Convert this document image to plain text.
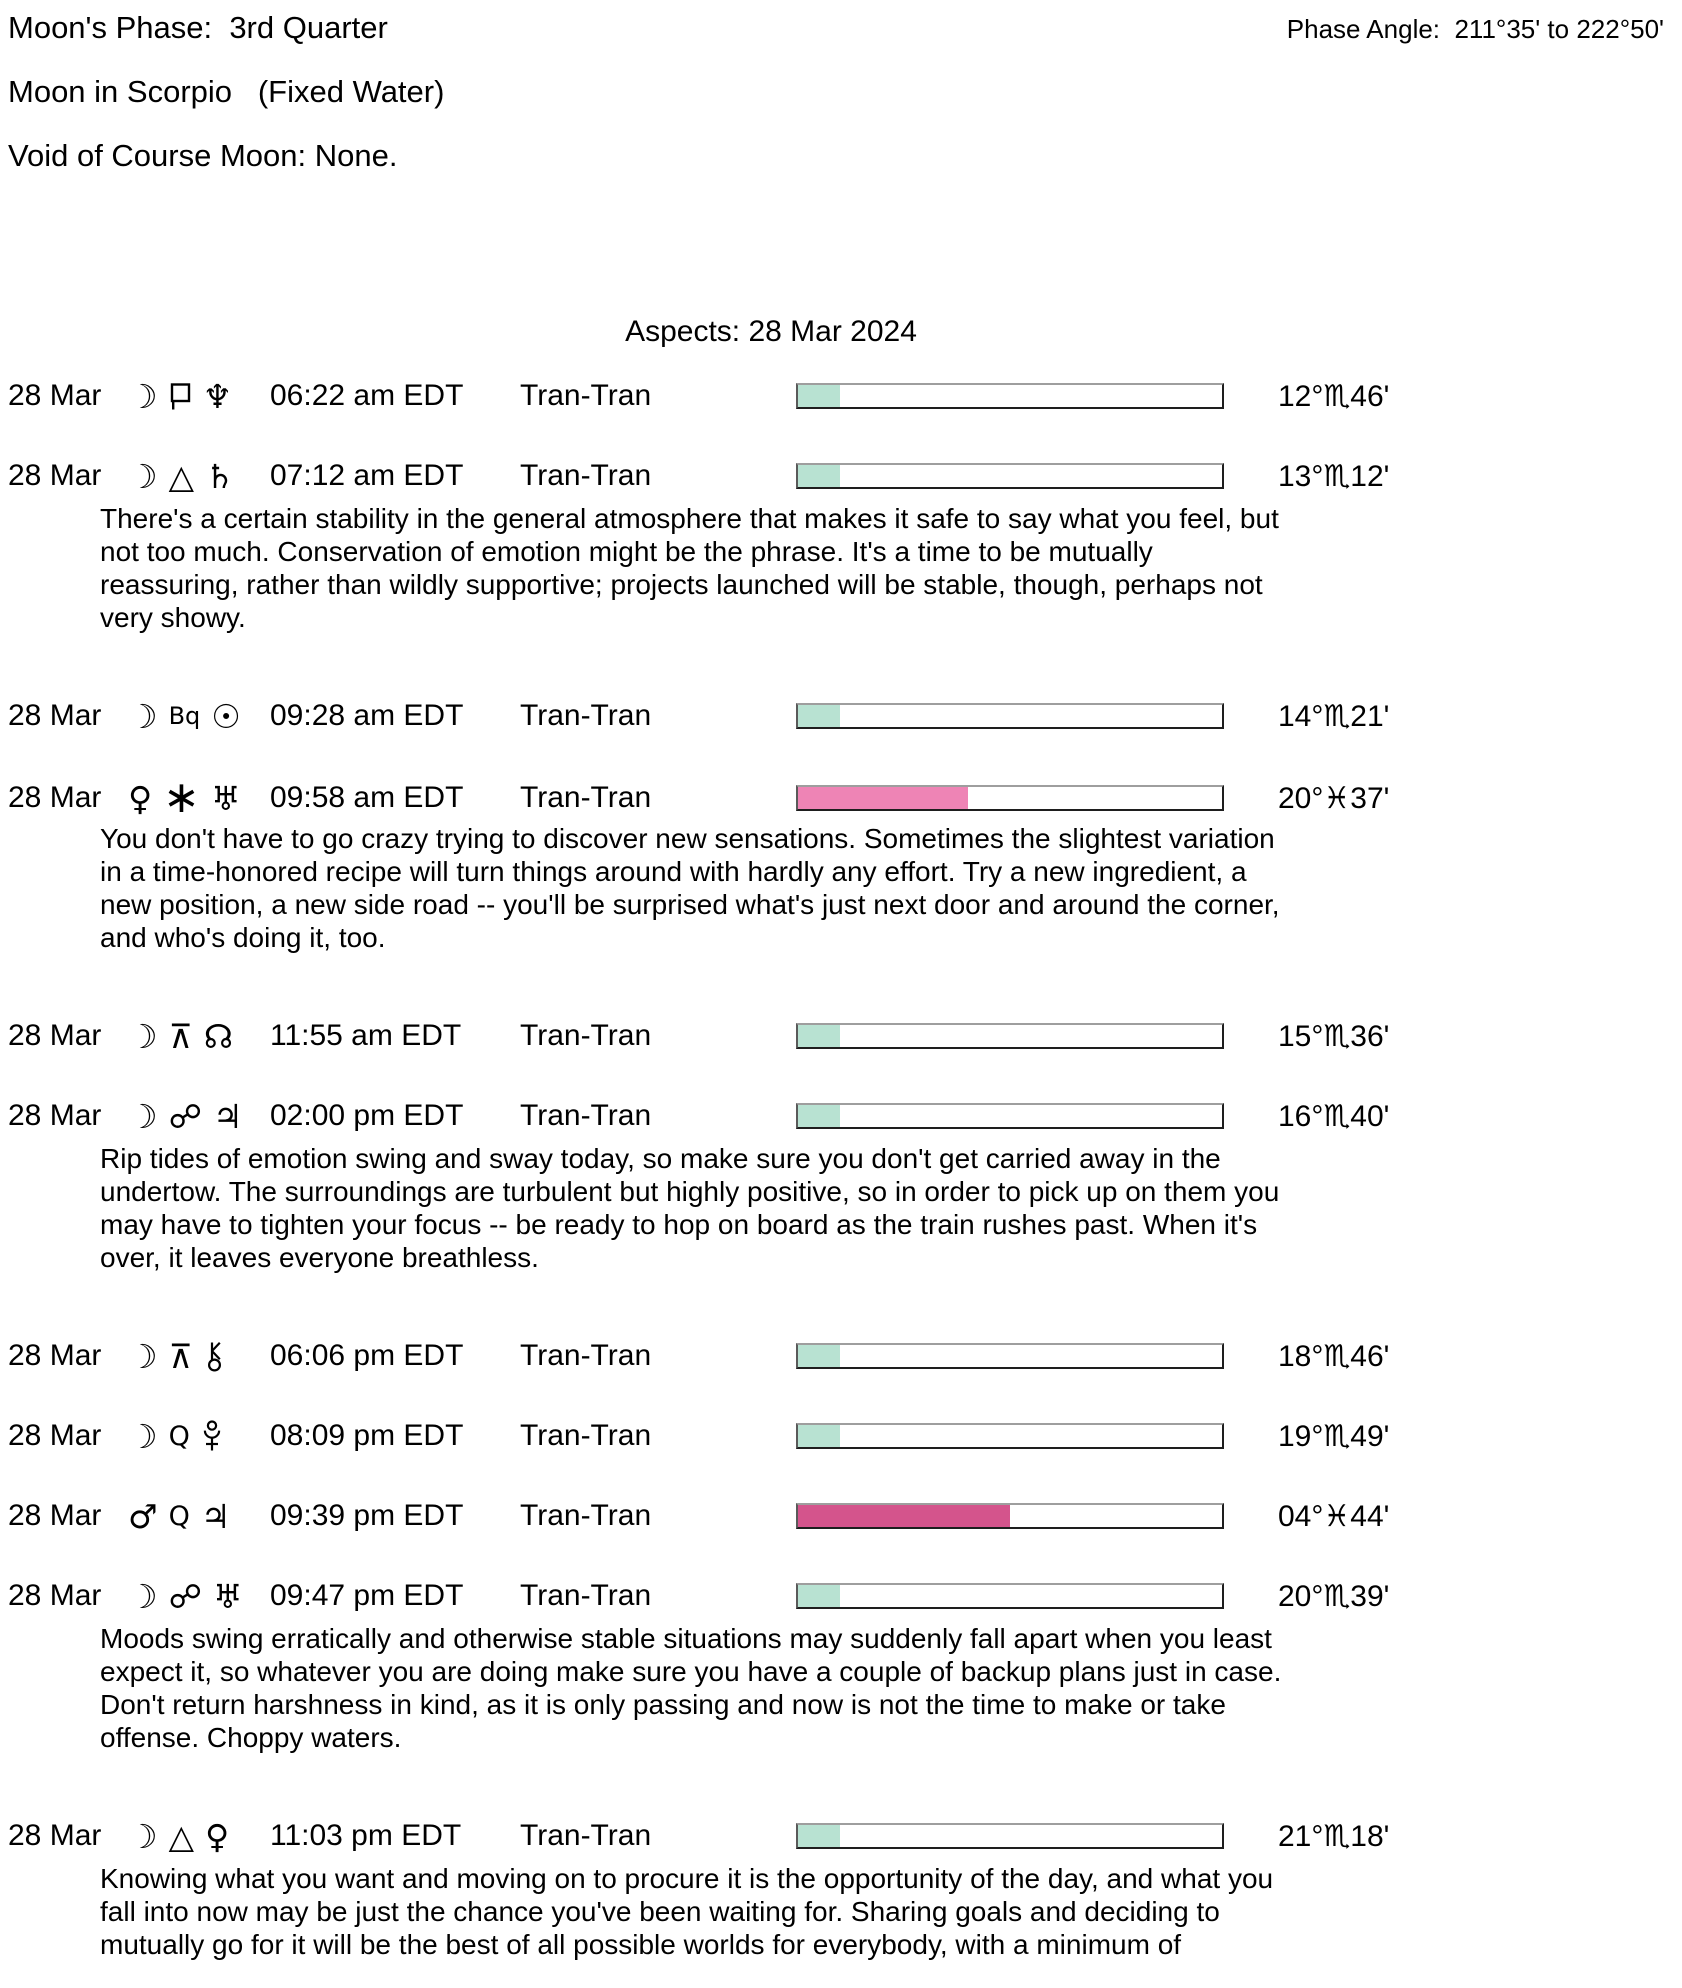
Moon's Phase:  3rd Quarter	Phase Angle:  211°35' to 222°50'
Moon in Scorpio   (Fixed Water)
Void of Course Moon: None.
Aspects: 28 Mar 2024
28 Mar ☽ ♆ 06:22 am EDT	Tran-Tran	12°♏46'
28 Mar ☽ △ ♄ 07:12 am EDT	Tran-Tran	13°♏12'
There's a certain stability in the general atmosphere that makes it safe to say what you feel, but not too much. Conservation of emotion might be the phrase. It's a time to be mutually reassuring, rather than wildly supportive; projects launched will be stable, though, perhaps not very showy.
28 Mar ☽ Bq ☉ 09:28 am EDT	Tran-Tran	14°♏21'
28 Mar ♀ ∗ ♅ 09:58 am EDT	Tran-Tran	20°♓37'
You don't have to go crazy trying to discover new sensations. Sometimes the slightest variation in a time-honored recipe will turn things around with hardly any effort. Try a new ingredient, a new position, a new side road -- you'll be surprised what's just next door and around the corner, and who's doing it, too.
28 Mar ☽ ⊼ ☊ 11:55 am EDT	Tran-Tran	15°♏36'
28 Mar ☽ ☍ ♃ 02:00 pm EDT	Tran-Tran	16°♏40'
Rip tides of emotion swing and sway today, so make sure you don't get carried away in the undertow. The surroundings are turbulent but highly positive, so in order to pick up on them you may have to tighten your focus -- be ready to hop on board as the train rushes past. When it's over, it leaves everyone breathless.
28 Mar ☽ ⊼	06:06 pm EDT	Tran-Tran	18°♏46'
28 Mar ☽ Q	08:09 pm EDT	Tran-Tran	19°♏49'
28 Mar ♂ Q ♃ 09:39 pm EDT	Tran-Tran	04°♓44'
28 Mar ☽ ☍ ♅ 09:47 pm EDT	Tran-Tran	20°♏39'
Moods swing erratically and otherwise stable situations may suddenly fall apart when you least expect it, so whatever you are doing make sure you have a couple of backup plans just in case. Don't return harshness in kind, as it is only passing and now is not the time to make or take offense. Choppy waters.
28 Mar ☽ △ ♀ 11:03 pm EDT	Tran-Tran	21°♏18'
Knowing what you want and moving on to procure it is the opportunity of the day, and what you fall into now may be just the chance you've been waiting for. Sharing goals and deciding to mutually go for it will be the best of all possible worlds for everybody, with a minimum of
